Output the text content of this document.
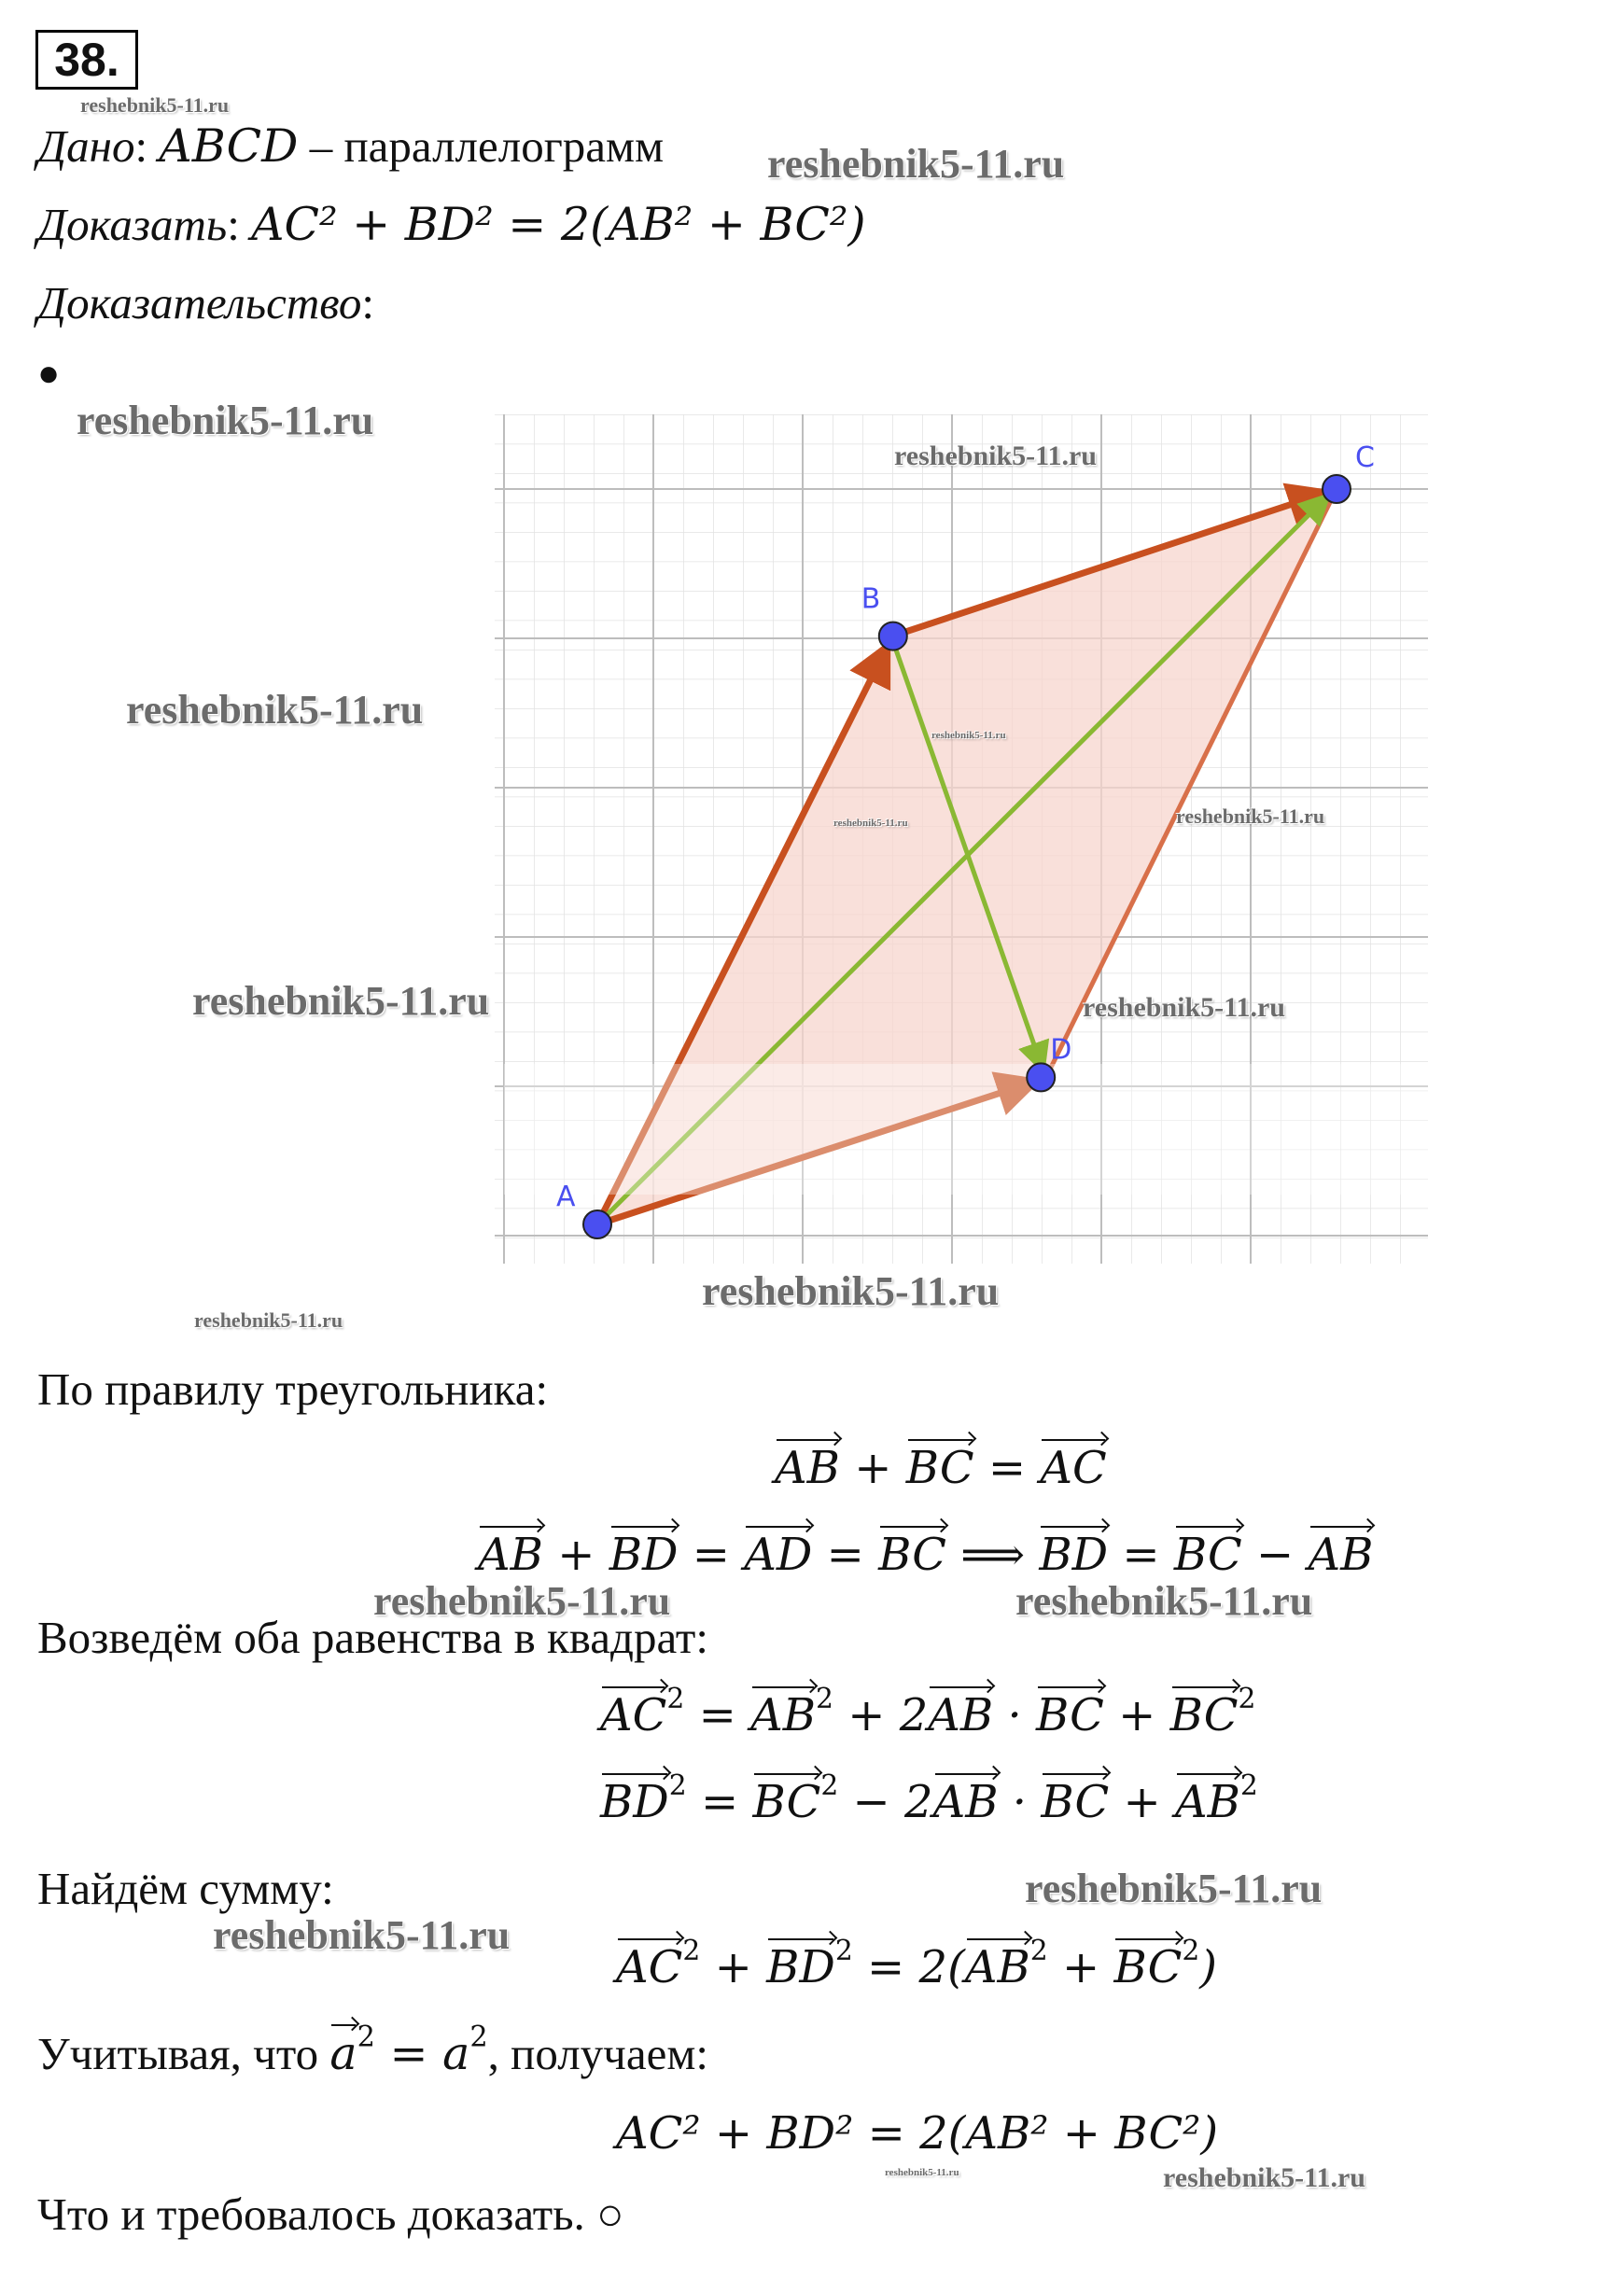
38.
reshebnik5-11.ru
Дано: ABCD – параллелограмм	reshebnik5-11.ru
Доказать: AC² + BD² = 2(AB² + BC²)
Доказательство:
●
reshebnik5-11.ru
A
B
C
D
reshebnik5-11.ru
reshebnik5-11.ru
reshebnik5-11.ru
reshebnik5-11.ru	reshebnik5-11.ru
reshebnik5-11.ru	reshebnik5-11.ru
reshebnik5-11.ru
reshebnik5-11.ru
По правилу треугольника:
AB + BC = AC
AB + BD = AD = BC ⟹ BD = BC − AB
reshebnik5-11.ru	reshebnik5-11.ru
Возведём оба равенства в квадрат:
$AC^2 = AB^2 + 2AB$ · BC + $BC^2$
$BD^2 = BC^2 - 2AB$ · BC + $AB^2$
Найдём сумму:	reshebnik5-11.ru
reshebnik5-11.ru
$AC^2 + BD^2 = 2(AB^2 + BC^2)$
Учитывая, что $a^2 = a^2$, получаем:
AC² + BD² = 2(AB² + BC²)
reshebnik5-11.ru	reshebnik5-11.ru
Что и требовалось доказать. ○
